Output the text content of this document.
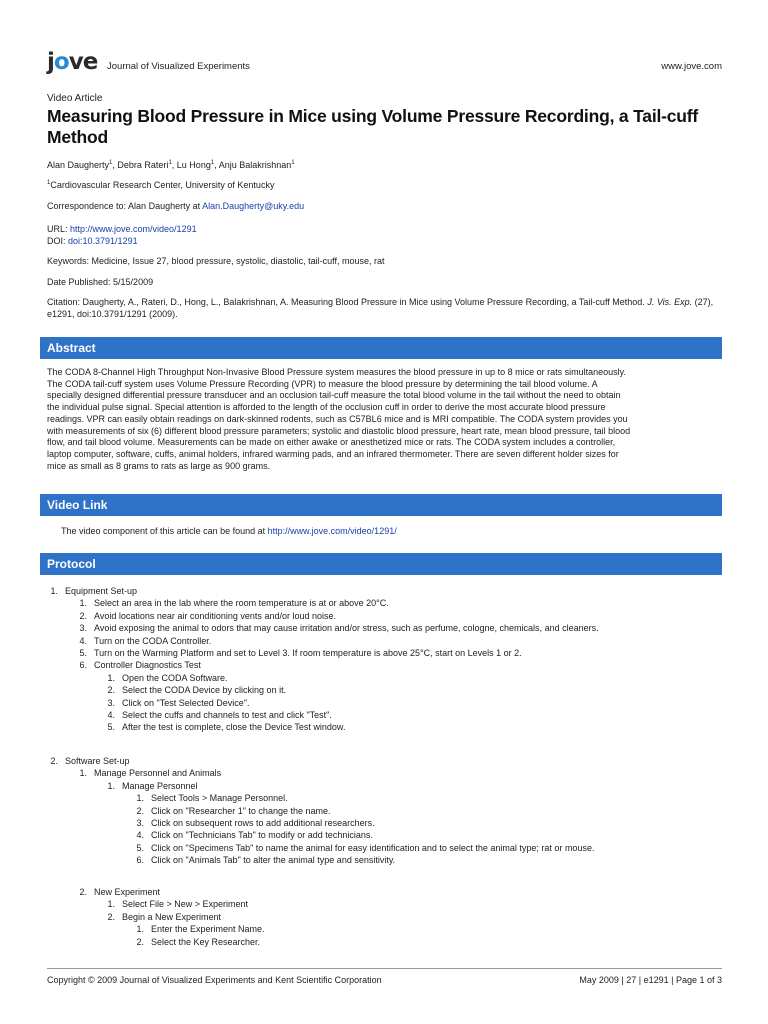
jove Journal of Visualized Experiments	www.jove.com
Video Article
Measuring Blood Pressure in Mice using Volume Pressure Recording, a Tail-cuff Method
Alan Daugherty$^1$, Debra Rateri$^1$, Lu Hong$^1$, Anju Balakrishnan$^1$
$^1$Cardiovascular Research Center, University of Kentucky
Correspondence to: Alan Daugherty at Alan.Daugherty@uky.edu
URL: http://www.jove.com/video/1291
DOI: doi:10.3791/1291
Keywords: Medicine, Issue 27, blood pressure, systolic, diastolic, tail-cuff, mouse, rat
Date Published: 5/15/2009
Citation: Daugherty, A., Rateri, D., Hong, L., Balakrishnan, A. Measuring Blood Pressure in Mice using Volume Pressure Recording, a Tail-cuff Method. J. Vis. Exp. (27), e1291, doi:10.3791/1291 (2009).
Abstract
The CODA 8-Channel High Throughput Non-Invasive Blood Pressure system measures the blood pressure in up to 8 mice or rats simultaneously.
The CODA tail-cuff system uses Volume Pressure Recording (VPR) to measure the blood pressure by determining the tail blood volume. A
specially designed differential pressure transducer and an occlusion tail-cuff measure the total blood volume in the tail without the need to obtain
the individual pulse signal. Special attention is afforded to the length of the occlusion cuff in order to derive the most accurate blood pressure
readings. VPR can easily obtain readings on dark-skinned rodents, such as C57BL6 mice and is MRI compatible. The CODA system provides you
with measurements of six (6) different blood pressure parameters; systolic and diastolic blood pressure, heart rate, mean blood pressure, tail blood
flow, and tail blood volume. Measurements can be made on either awake or anesthetized mice or rats. The CODA system includes a controller,
laptop computer, software, cuffs, animal holders, infrared warming pads, and an infrared thermometer. There are seven different holder sizes for
mice as small as 8 grams to rats as large as 900 grams.
Video Link
The video component of this article can be found at http://www.jove.com/video/1291/
Protocol
1. Equipment Set-up
1. Select an area in the lab where the room temperature is at or above 20°C.
2. Avoid locations near air conditioning vents and/or loud noise.
3. Avoid exposing the animal to odors that may cause irritation and/or stress, such as perfume, cologne, chemicals, and cleaners.
4. Turn on the CODA Controller.
5. Turn on the Warming Platform and set to Level 3. If room temperature is above 25°C, start on Levels 1 or 2.
6. Controller Diagnostics Test
1. Open the CODA Software.
2. Select the CODA Device by clicking on it.
3. Click on "Test Selected Device".
4. Select the cuffs and channels to test and click "Test".
5. After the test is complete, close the Device Test window.
2. Software Set-up
1. Manage Personnel and Animals
1. Manage Personnel
1. Select Tools > Manage Personnel.
2. Click on "Researcher 1" to change the name.
3. Click on subsequent rows to add additional researchers.
4. Click on "Technicians Tab" to modify or add technicians.
5. Click on "Specimens Tab" to name the animal for easy identification and to select the animal type; rat or mouse.
6. Click on "Animals Tab" to alter the animal type and sensitivity.
2. New Experiment
1. Select File > New > Experiment
2. Begin a New Experiment
1. Enter the Experiment Name.
2. Select the Key Researcher.
Copyright © 2009 Journal of Visualized Experiments and Kent Scientific Corporation	May 2009 | 27 | e1291 | Page 1 of 3
